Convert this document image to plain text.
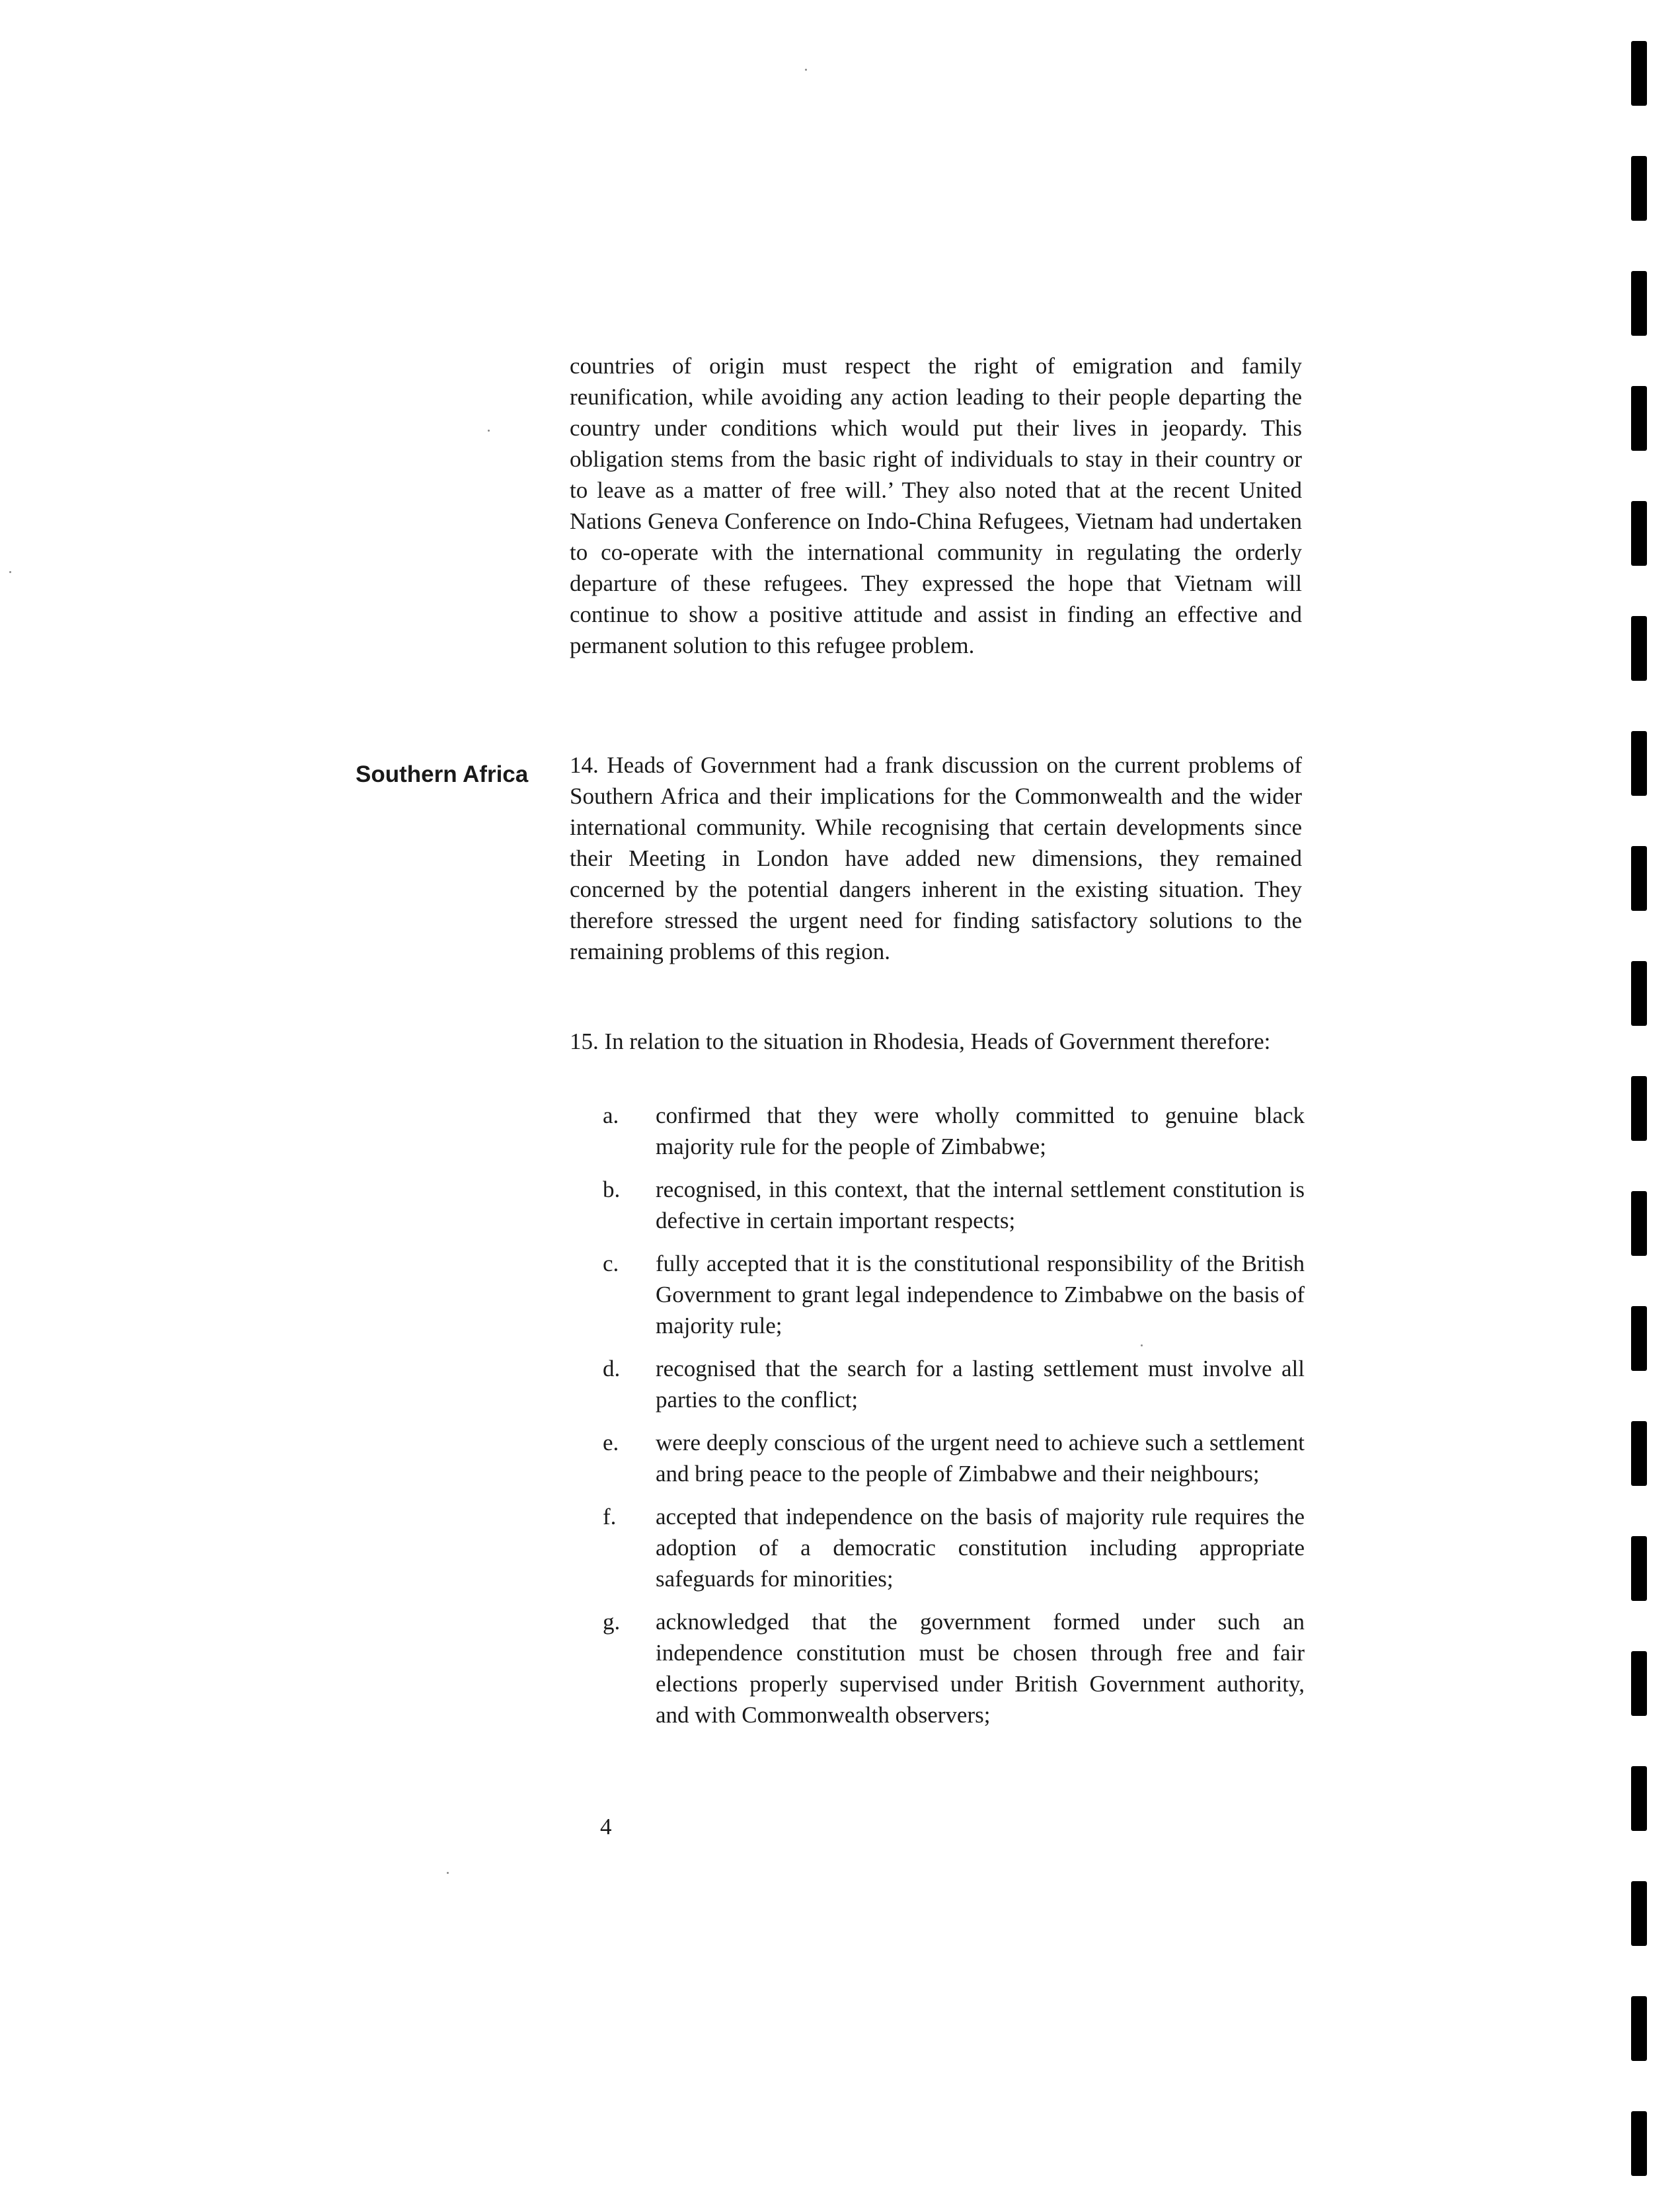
countries of origin must respect the right of emigration and family reunification, while avoiding any action leading to their people departing the country under conditions which would put their lives in jeopardy. This obligation stems from the basic right of individuals to stay in their country or to leave as a matter of free will.’ They also noted that at the recent United Nations Geneva Conference on Indo-China Refugees, Vietnam had undertaken to co-operate with the international community in regulating the orderly departure of these refugees. They expressed the hope that Vietnam will continue to show a positive attitude and assist in finding an effective and permanent solution to this refugee problem.

Southern Africa 14. Heads of Government had a frank discussion on the current problems of Southern Africa and their implications for the Commonwealth and the wider international community. While recognising that certain developments since their Meeting in London have added new dimensions, they remained concerned by the potential dangers inherent in the existing situation. They therefore stressed the urgent need for finding satisfactory solutions to the remaining problems of this region.

15. In relation to the situation in Rhodesia, Heads of Government therefore:

a.	confirmed that they were wholly committed to genuine black majority rule for the people of Zimbabwe;
b.	recognised, in this context, that the internal settlement constitution is defective in certain important respects;
c.	fully accepted that it is the constitutional responsibility of the British Government to grant legal independence to Zimbabwe on the basis of majority rule;
d.	recognised that the search for a lasting settlement must involve all parties to the conflict;
e.	were deeply conscious of the urgent need to achieve such a settlement and bring peace to the people of Zimbabwe and their neighbours;
f.	accepted that independence on the basis of majority rule requires the adoption of a democratic constitution including appropriate safeguards for minorities;
g.	acknowledged that the government formed under such an independence constitution must be chosen through free and fair elections properly supervised under British Government authority, and with Commonwealth observers;
4
